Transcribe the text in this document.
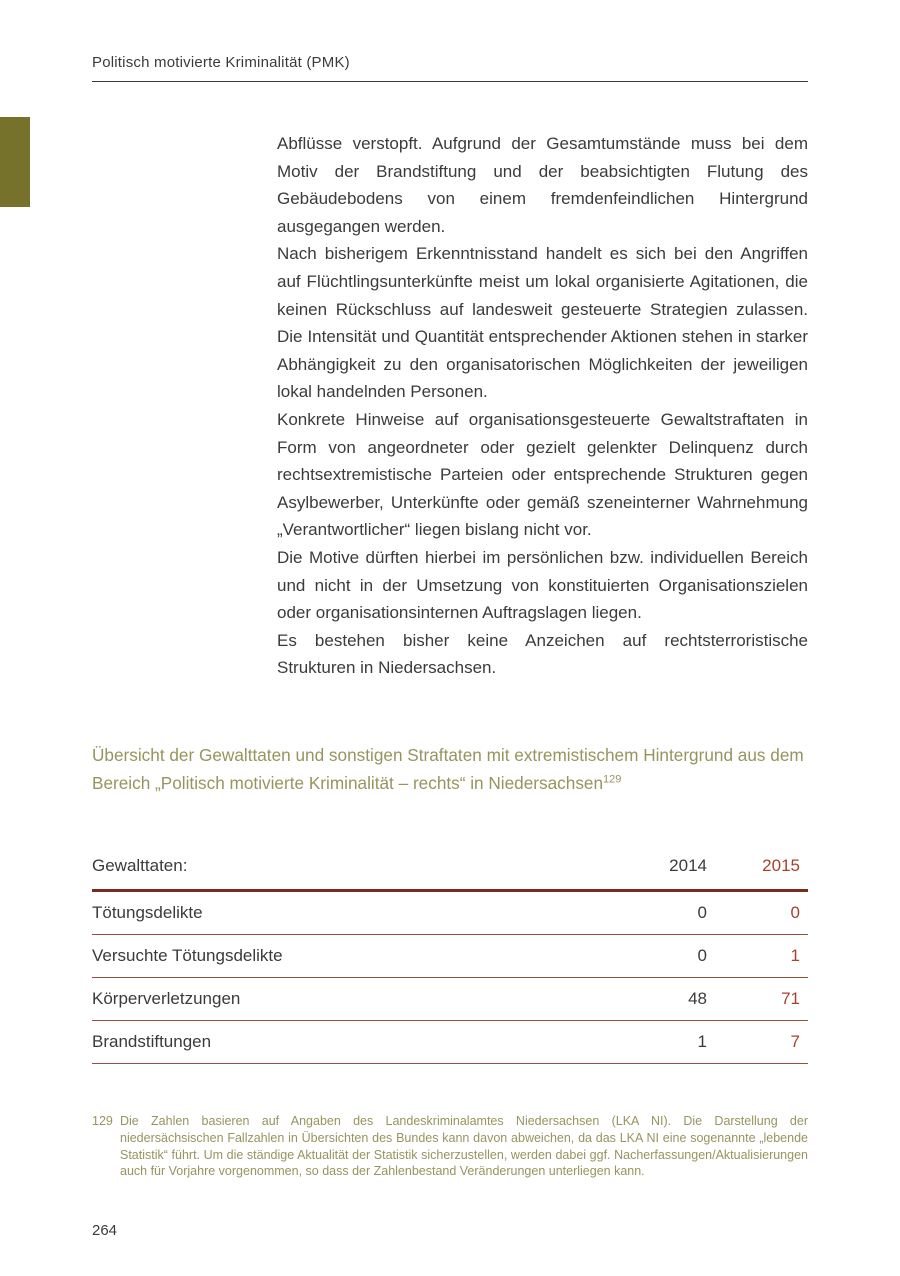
Politisch motivierte Kriminalität (PMK)

Abflüsse verstopft. Aufgrund der Gesamtumstände muss bei dem Motiv der Brandstiftung und der beabsichtigten Flutung des Gebäudebodens von einem fremdenfeindlichen Hintergrund ausgegangen werden.

Nach bisherigem Erkenntnisstand handelt es sich bei den Angriffen auf Flüchtlingsunterkünfte meist um lokal organisierte Agitationen, die keinen Rückschluss auf landesweit gesteuerte Strategien zulassen. Die Intensität und Quantität entsprechender Aktionen stehen in starker Abhängigkeit zu den organisatorischen Möglichkeiten der jeweiligen lokal handelnden Personen.

Konkrete Hinweise auf organisationsgesteuerte Gewaltstraftaten in Form von angeordneter oder gezielt gelenkter Delinquenz durch rechtsextremistische Parteien oder entsprechende Strukturen gegen Asylbewerber, Unterkünfte oder gemäß szeneinterner Wahrnehmung „Verantwortlicher“ liegen bislang nicht vor.

Die Motive dürften hierbei im persönlichen bzw. individuellen Bereich und nicht in der Umsetzung von konstituierten Organisationszielen oder organisationsinternen Auftragslagen liegen.

Es bestehen bisher keine Anzeichen auf rechtsterroristische Strukturen in Niedersachsen.

Übersicht der Gewalttaten und sonstigen Straftaten mit extremistischem Hintergrund aus dem Bereich „Politisch motivierte Kriminalität – rechts“ in Niedersachsen$^{129}$
Gewalttaten:	2014	2015
Tötungsdelikte	0	0
Versuchte Tötungsdelikte	0	1
Körperverletzungen	48	71
Brandstiftungen	1	7
129 Die Zahlen basieren auf Angaben des Landeskriminalamtes Niedersachsen (LKA NI). Die Darstellung der niedersächsischen Fallzahlen in Übersichten des Bundes kann davon abweichen, da das LKA NI eine sogenannte „lebende Statistik“ führt. Um die ständige Aktualität der Statistik sicherzustellen, werden dabei ggf. Nacherfassungen/Aktualisierungen auch für Vorjahre vorgenommen, so dass der Zahlenbestand Veränderungen unterliegen kann.
264
